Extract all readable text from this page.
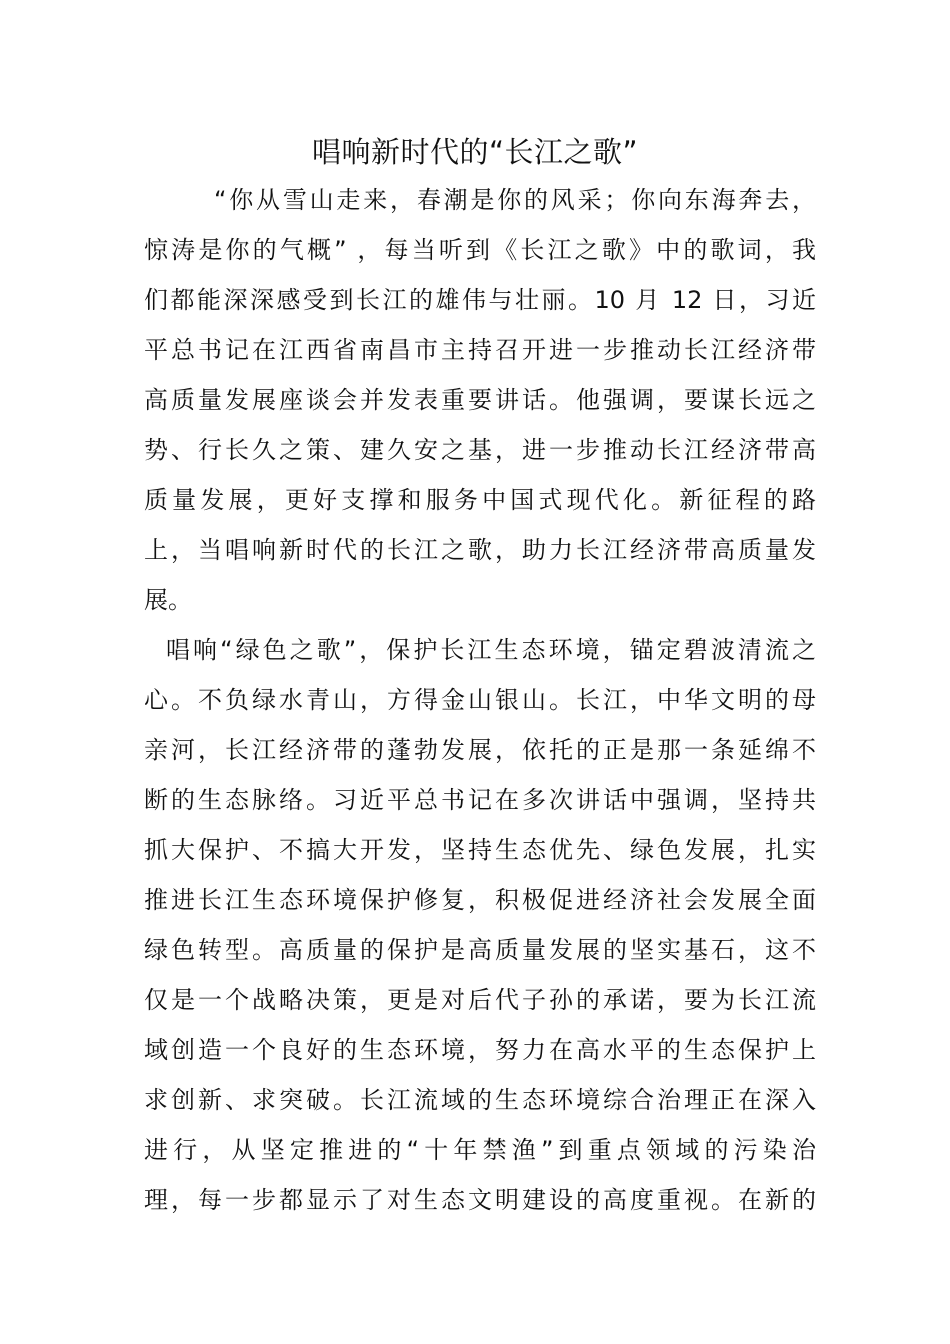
唱响新时代的“长江之歌”
“你从雪山走来，春潮是你的风采；你向东海奔去，
惊涛是你的气概” ，每当听到《长江之歌》中的歌词，我
们都能深深感受到长江的雄伟与壮丽。10 月 12 日，习近
平总书记在江西省南昌市主持召开进一步推动长江经济带
高质量发展座谈会并发表重要讲话。他强调，要谋长远之
势、行长久之策、建久安之基，进一步推动长江经济带高
质量发展，更好支撑和服务中国式现代化。新征程的路
上，当唱响新时代的长江之歌，助力长江经济带高质量发
展。
唱响“绿色之歌”，保护长江生态环境，锚定碧波清流之
心。不负绿水青山，方得金山银山。长江，中华文明的母
亲河，长江经济带的蓬勃发展，依托的正是那一条延绵不
断的生态脉络。习近平总书记在多次讲话中强调，坚持共
抓大保护、不搞大开发，坚持生态优先、绿色发展，扎实
推进长江生态环境保护修复，积极促进经济社会发展全面
绿色转型。高质量的保护是高质量发展的坚实基石，这不
仅是一个战略决策，更是对后代子孙的承诺，要为长江流
域创造一个良好的生态环境，努力在高水平的生态保护上
求创新、求突破。长江流域的生态环境综合治理正在深入
进行，从坚定推进的“十年禁渔”到重点领域的污染治
理，每一步都显示了对生态文明建设的高度重视。在新的
